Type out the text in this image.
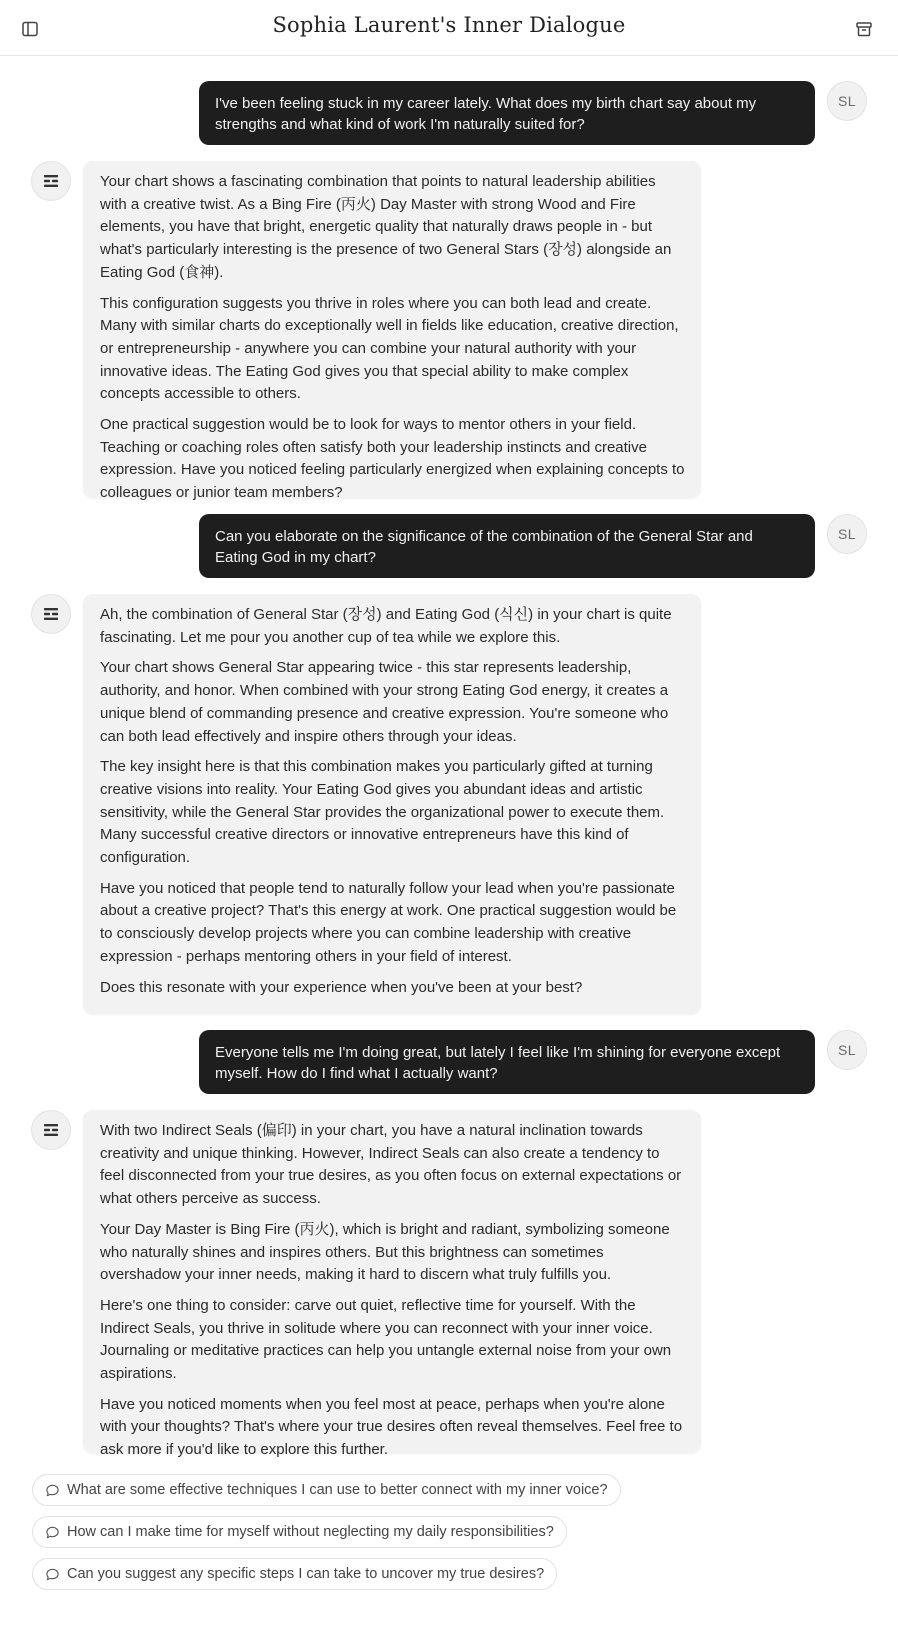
Sophia Laurent's Inner Dialogue
I've been feeling stuck in my career lately. What does my birth chart say about my strengths and what kind of work I'm naturally suited for?
SL

Your chart shows a fascinating combination that points to natural leadership abilities with a creative twist. As a Bing Fire (丙火) Day Master with strong Wood and Fire elements, you have that bright, energetic quality that naturally draws people in - but what's particularly interesting is the presence of two General Stars (장성) alongside an Eating God (食神).

This configuration suggests you thrive in roles where you can both lead and create. Many with similar charts do exceptionally well in fields like education, creative direction, or entrepreneurship - anywhere you can combine your natural authority with your innovative ideas. The Eating God gives you that special ability to make complex concepts accessible to others.

One practical suggestion would be to look for ways to mentor others in your field. Teaching or coaching roles often satisfy both your leadership instincts and creative expression. Have you noticed feeling particularly energized when explaining concepts to colleagues or junior team members?

Can you elaborate on the significance of the combination of the General Star and Eating God in my chart?
SL

Ah, the combination of General Star (장성) and Eating God (식신) in your chart is quite fascinating. Let me pour you another cup of tea while we explore this.

Your chart shows General Star appearing twice - this star represents leadership, authority, and honor. When combined with your strong Eating God energy, it creates a unique blend of commanding presence and creative expression. You're someone who can both lead effectively and inspire others through your ideas.

The key insight here is that this combination makes you particularly gifted at turning creative visions into reality. Your Eating God gives you abundant ideas and artistic sensitivity, while the General Star provides the organizational power to execute them. Many successful creative directors or innovative entrepreneurs have this kind of configuration.

Have you noticed that people tend to naturally follow your lead when you're passionate about a creative project? That's this energy at work. One practical suggestion would be to consciously develop projects where you can combine leadership with creative expression - perhaps mentoring others in your field of interest.

Does this resonate with your experience when you've been at your best?

Everyone tells me I'm doing great, but lately I feel like I'm shining for everyone except myself. How do I find what I actually want?
SL

With two Indirect Seals (偏印) in your chart, you have a natural inclination towards creativity and unique thinking. However, Indirect Seals can also create a tendency to feel disconnected from your true desires, as you often focus on external expectations or what others perceive as success.

Your Day Master is Bing Fire (丙火), which is bright and radiant, symbolizing someone who naturally shines and inspires others. But this brightness can sometimes overshadow your inner needs, making it hard to discern what truly fulfills you.

Here's one thing to consider: carve out quiet, reflective time for yourself. With the Indirect Seals, you thrive in solitude where you can reconnect with your inner voice. Journaling or meditative practices can help you untangle external noise from your own aspirations.

Have you noticed moments when you feel most at peace, perhaps when you're alone with your thoughts? That's where your true desires often reveal themselves. Feel free to ask more if you'd like to explore this further.

What are some effective techniques I can use to better connect with my inner voice?
How can I make time for myself without neglecting my daily responsibilities?
Can you suggest any specific steps I can take to uncover my true desires?
